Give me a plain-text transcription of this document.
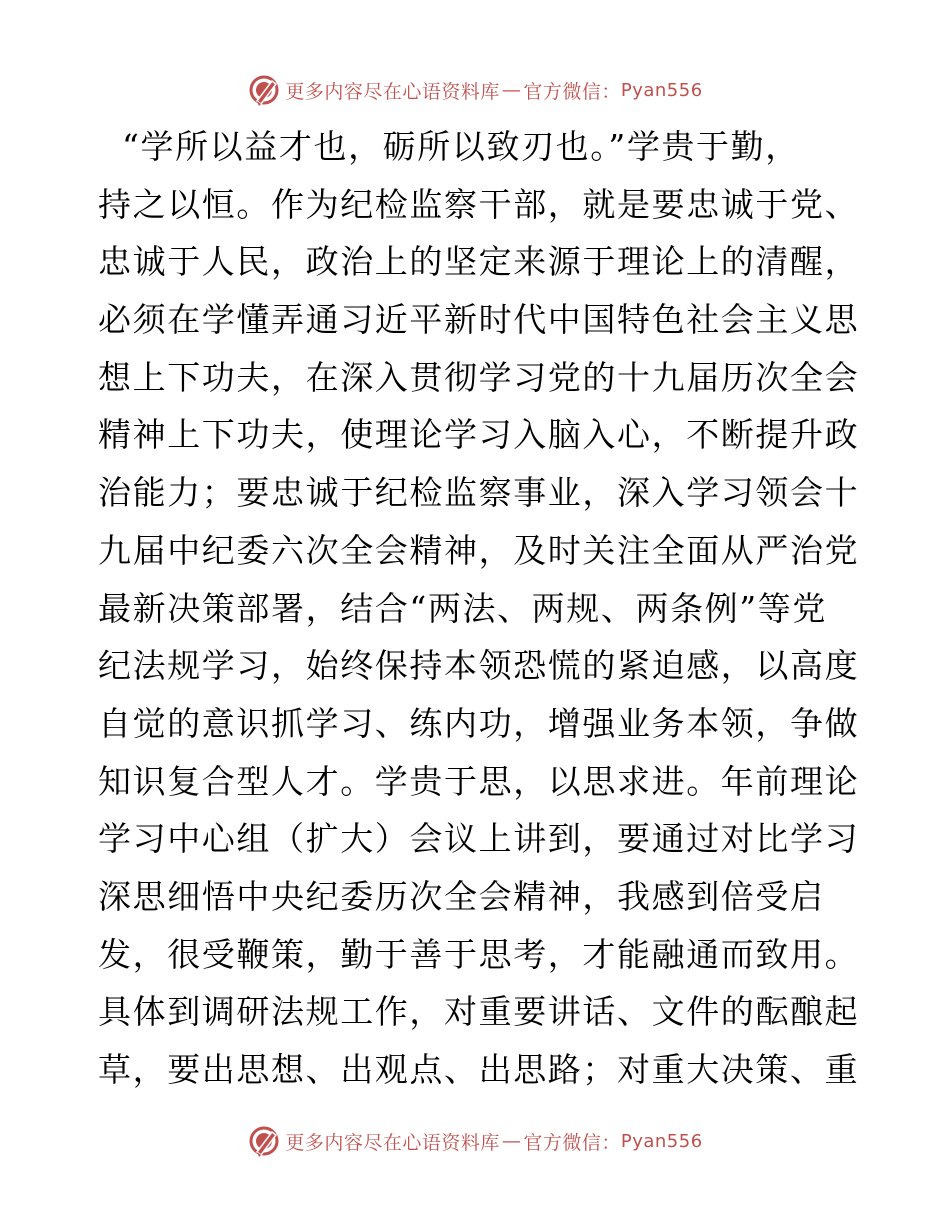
更多内容尽在心语资料库 — 官方微信： Pyan556
“学所以益才也，砺所以致刃也。”学贵于勤，
持之以恒。作为纪检监察干部，就是要忠诚于党、
忠诚于人民，政治上的坚定来源于理论上的清醒，
必须在学懂弄通习近平新时代中国特色社会主义思
想上下功夫，在深入贯彻学习党的十九届历次全会
精神上下功夫，使理论学习入脑入心，不断提升政
治能力；要忠诚于纪检监察事业，深入学习领会十
九届中纪委六次全会精神，及时关注全面从严治党
最新决策部署，结合“两法、两规、两条例”等党
纪法规学习，始终保持本领恐慌的紧迫感，以高度
自觉的意识抓学习、练内功，增强业务本领，争做
知识复合型人才。学贵于思，以思求进。年前理论
学习中心组（扩大）会议上讲到，要通过对比学习
深思细悟中央纪委历次全会精神，我感到倍受启
发，很受鞭策，勤于善于思考，才能融通而致用。
具体到调研法规工作，对重要讲话、文件的酝酿起
草，要出思想、出观点、出思路；对重大决策、重
更多内容尽在心语资料库 — 官方微信： Pyan556
